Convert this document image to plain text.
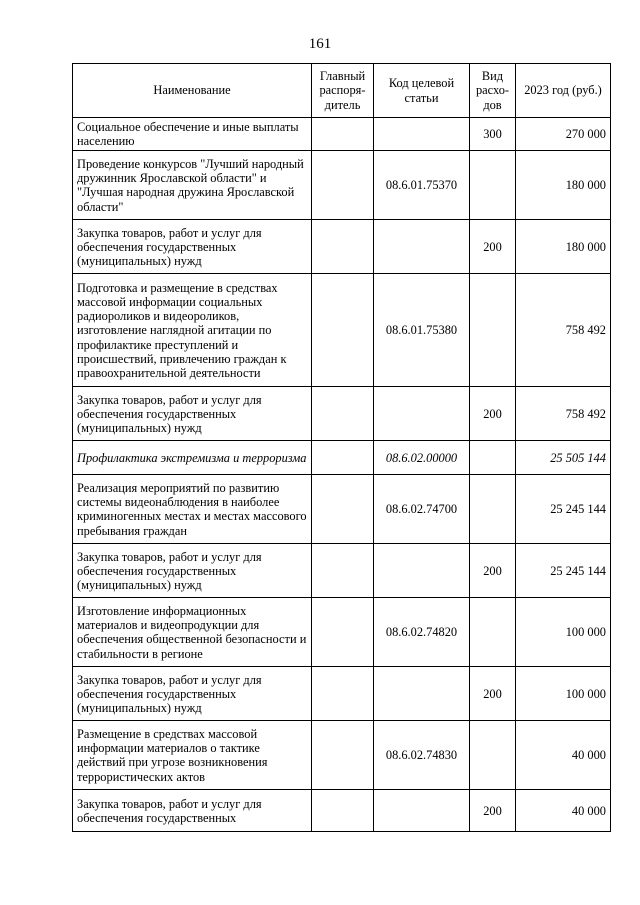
161
Наименование	Главный распоря-дитель	Код целевой статьи	Вид расхо-дов	2023 год (руб.)
Социальное обеспечение и иные выплаты населению			300	270 000
Проведение конкурсов "Лучший народный дружинник Ярославской области" и "Лучшая народная дружина Ярославской области"		08.6.01.75370		180 000
Закупка товаров, работ и услуг для обеспечения государственных (муниципальных) нужд			200	180 000
Подготовка и размещение в средствах массовой информации социальных радиороликов и видеороликов, изготовление наглядной агитации по профилактике преступлений и происшествий, привлечению граждан к правоохранительной деятельности		08.6.01.75380		758 492
Закупка товаров, работ и услуг для обеспечения государственных (муниципальных) нужд			200	758 492
Профилактика экстремизма и терроризма		08.6.02.00000		25 505 144
Реализация мероприятий по развитию системы видеонаблюдения в наиболее криминогенных местах и местах массового пребывания граждан		08.6.02.74700		25 245 144
Закупка товаров, работ и услуг для обеспечения государственных (муниципальных) нужд			200	25 245 144
Изготовление информационных материалов и видеопродукции для обеспечения общественной безопасности и стабильности в регионе		08.6.02.74820		100 000
Закупка товаров, работ и услуг для обеспечения государственных (муниципальных) нужд			200	100 000
Размещение в средствах массовой информации материалов о тактике действий при угрозе возникновения террористических актов		08.6.02.74830		40 000
Закупка товаров, работ и услуг для обеспечения государственных			200	40 000
